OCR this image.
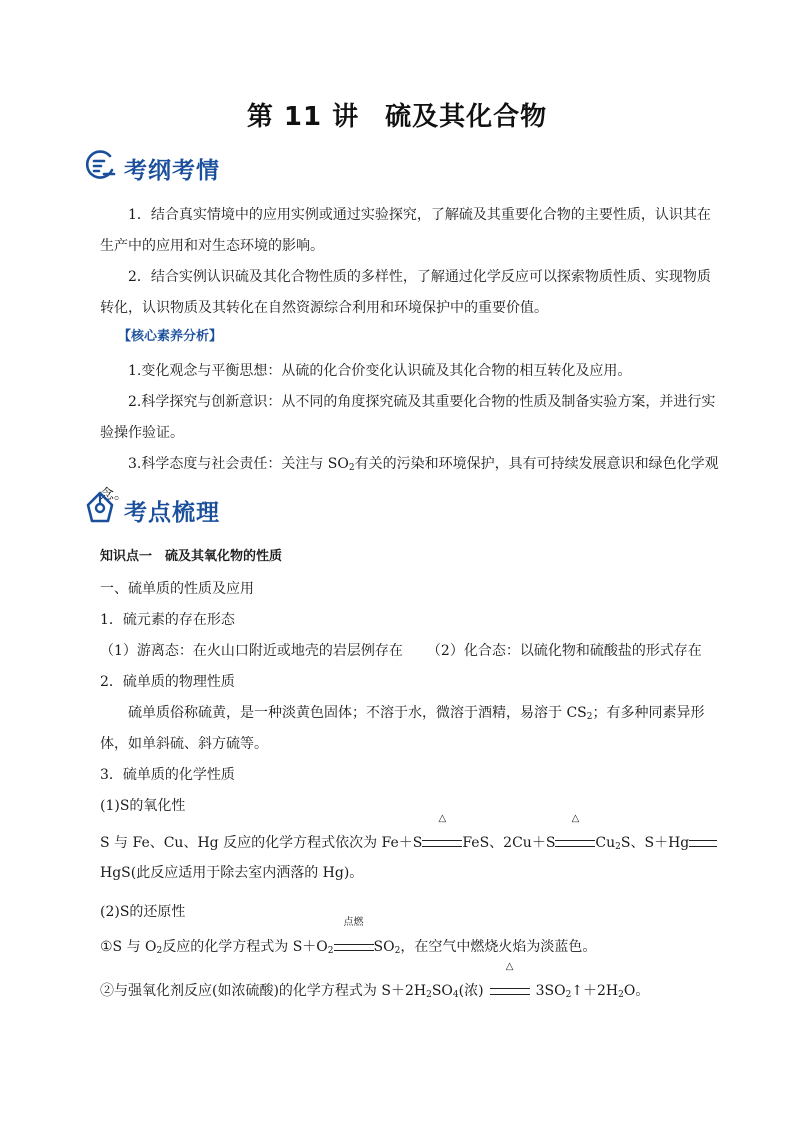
第 11 讲 硫及其化合物
考纲考情
1．结合真实情境中的应用实例或通过实验探究，了解硫及其重要化合物的主要性质，认识其在生产中的应用和对生态环境的影响。
2．结合实例认识硫及其化合物性质的多样性，了解通过化学反应可以探索物质性质、实现物质转化，认识物质及其转化在自然资源综合利用和环境保护中的重要价值。
【核心素养分析】
1.变化观念与平衡思想：从硫的化合价变化认识硫及其化合物的相互转化及应用。
2.科学探究与创新意识：从不同的角度探究硫及其重要化合物的性质及制备实验方案，并进行实验操作验证。
3.科学态度与社会责任：关注与 $SO_2$有关的污染和环境保护，具有可持续发展意识和绿色化学观念。
考点梳理
知识点一　硫及其氧化物的性质
一、硫单质的性质及应用
1．硫元素的存在形态
（1）游离态：在火山口附近或地壳的岩层例存在 （2）化合态：以硫化物和硫酸盐的形式存在
2．硫单质的物理性质
硫单质俗称硫黄，是一种淡黄色固体；不溶于水，微溶于酒精，易溶于 $CS_2$；有多种同素异形体，如单斜硫、斜方硫等。
3．硫单质的化学性质
(1)S的氧化性
S 与 Fe、Cu、Hg 反应的化学方程式依次为 Fe＋S
△
FeS、2Cu＋S
△
$Cu_2S$、S＋HgHgS(此反应适用于除去室内洒落的 Hg)。
(2)S的还原性
①S 与 $O_2$反应的化学方程式为 $S+O_2$
点燃
$SO_2$，在空气中燃烧火焰为淡蓝色。
②与强氧化剂反应(如浓硫酸)的化学方程式为 $S+2H_2SO_4$(浓)
△
$3SO_2↑+2H_2O$。
